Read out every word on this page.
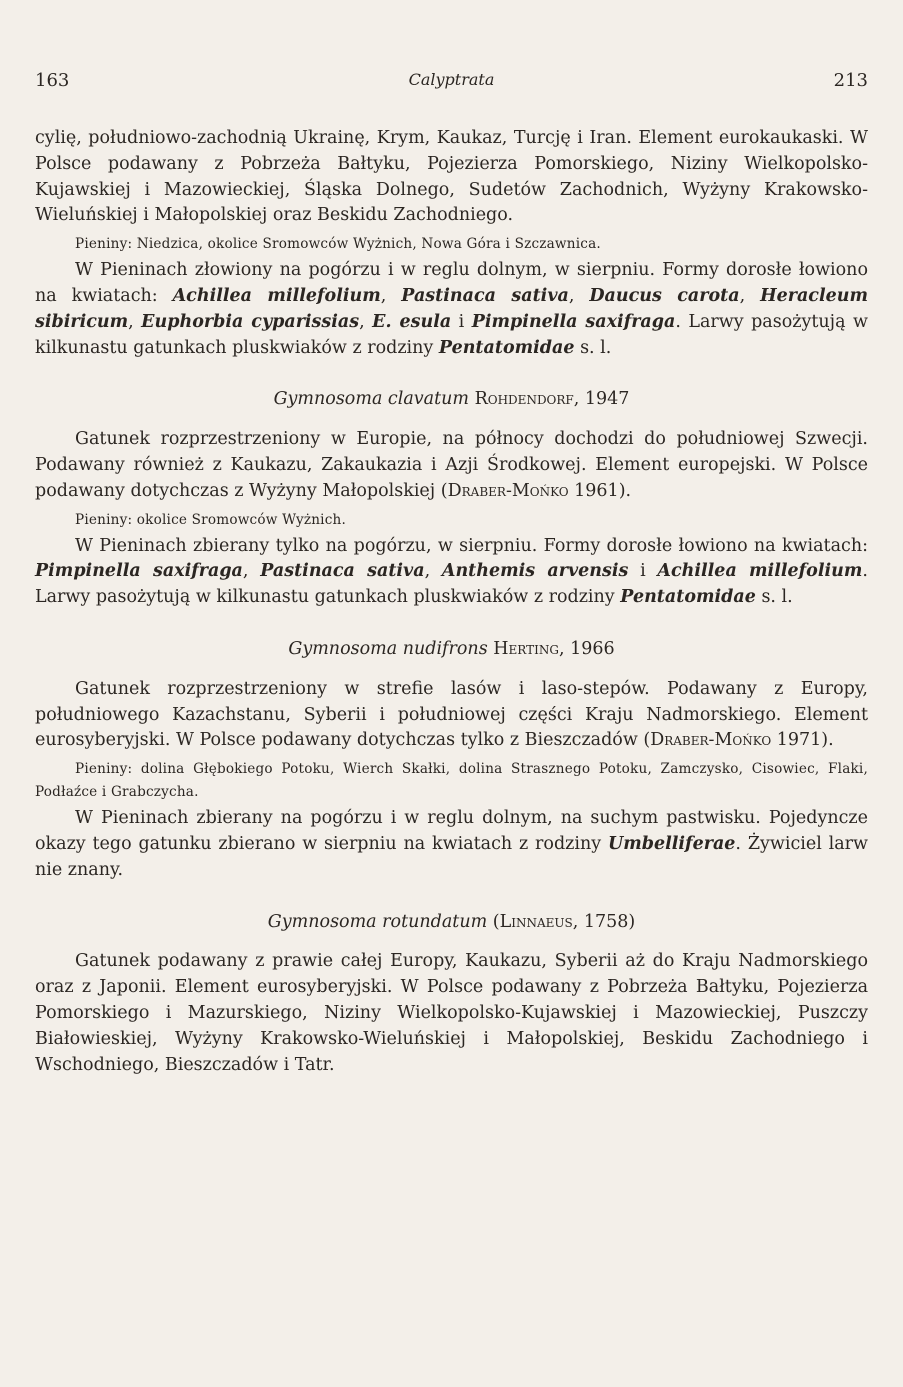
163	Calyptrata	213

cylię, południowo-zachodnią Ukrainę, Krym, Kaukaz, Turcję i Iran. Element eurokaukaski. W Polsce podawany z Pobrzeża Bałtyku, Pojezierza Pomorskiego, Niziny Wielkopolsko-Kujawskiej i Mazowieckiej, Śląska Dolnego, Sudetów Zachodnich, Wyżyny Krakowsko-Wieluńskiej i Małopolskiej oraz Beskidu Zachodniego.

Pieniny: Niedzica, okolice Sromowców Wyżnich, Nowa Góra i Szczawnica.

W Pieninach złowiony na pogórzu i w reglu dolnym, w sierpniu. Formy dorosłe łowiono na kwiatach: Achillea millefolium, Pastinaca sativa, Daucus carota, Heracleum sibiricum, Euphorbia cyparissias, E. esula i Pimpinella saxifraga. Larwy pasożytują w kilkunastu gatunkach pluskwiaków z rodziny Pentatomidae s. l.

Gymnosoma clavatum Rohdendorf, 1947

Gatunek rozprzestrzeniony w Europie, na północy dochodzi do południowej Szwecji. Podawany również z Kaukazu, Zakaukazia i Azji Środkowej. Element europejski. W Polsce podawany dotychczas z Wyżyny Małopolskiej (Draber-Mońko 1961).

Pieniny: okolice Sromowców Wyżnich.

W Pieninach zbierany tylko na pogórzu, w sierpniu. Formy dorosłe łowiono na kwiatach: Pimpinella saxifraga, Pastinaca sativa, Anthemis arvensis i Achillea millefolium. Larwy pasożytują w kilkunastu gatunkach pluskwiaków z rodziny Pentatomidae s. l.

Gymnosoma nudifrons Herting, 1966

Gatunek rozprzestrzeniony w strefie lasów i laso-stepów. Podawany z Europy, południowego Kazachstanu, Syberii i południowej części Kraju Nadmorskiego. Element eurosyberyjski. W Polsce podawany dotychczas tylko z Bieszczadów (Draber-Mońko 1971).

Pieniny: dolina Głębokiego Potoku, Wierch Skałki, dolina Strasznego Potoku, Zamczysko, Cisowiec, Flaki, Podłaźce i Grabczycha.

W Pieninach zbierany na pogórzu i w reglu dolnym, na suchym pastwisku. Pojedyncze okazy tego gatunku zbierano w sierpniu na kwiatach z rodziny Umbelliferae. Żywiciel larw nie znany.

Gymnosoma rotundatum (Linnaeus, 1758)

Gatunek podawany z prawie całej Europy, Kaukazu, Syberii aż do Kraju Nadmorskiego oraz z Japonii. Element eurosyberyjski. W Polsce podawany z Pobrzeża Bałtyku, Pojezierza Pomorskiego i Mazurskiego, Niziny Wielkopolsko-Kujawskiej i Mazowieckiej, Puszczy Białowieskiej, Wyżyny Krakowsko-Wieluńskiej i Małopolskiej, Beskidu Zachodniego i Wschodniego, Bieszczadów i Tatr.
